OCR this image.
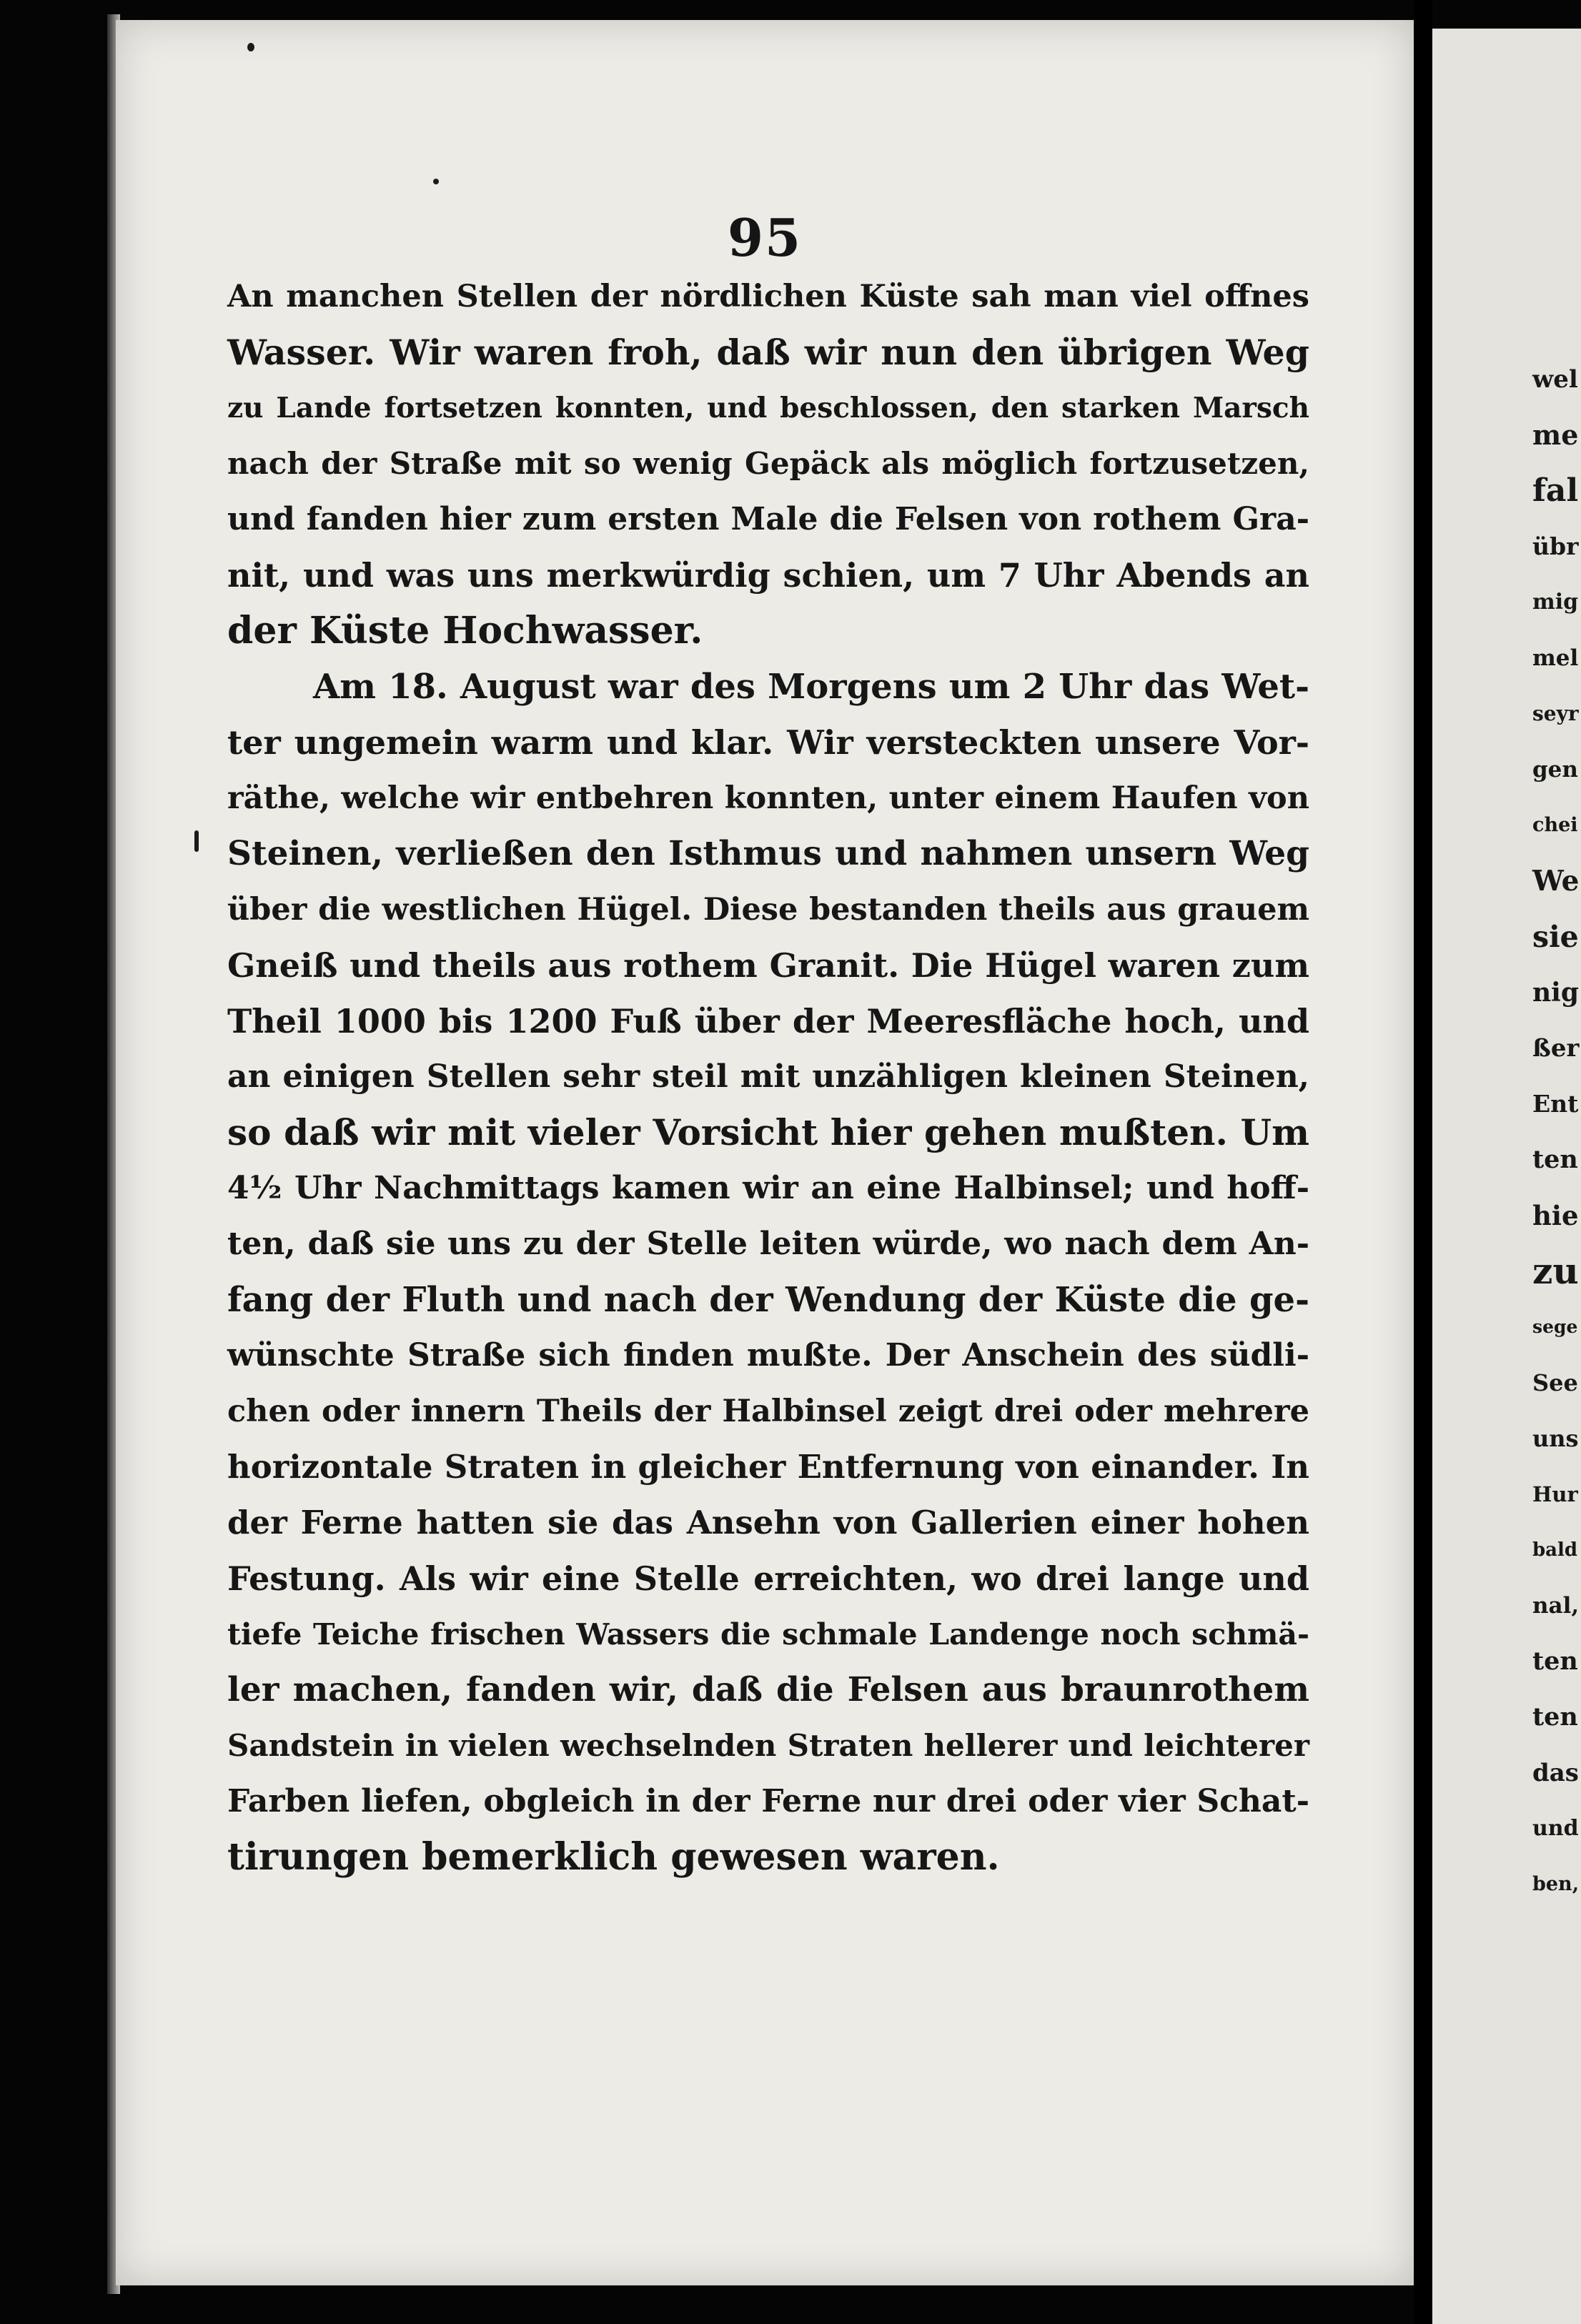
95
An manchen Stellen der nördlichen Küste sah man viel offnes
Wasser. Wir waren froh, daß wir nun den übrigen Weg
zu Lande fortsetzen konnten, und beschlossen, den starken Marsch
nach der Straße mit so wenig Gepäck als möglich fortzusetzen,
und fanden hier zum ersten Male die Felsen von rothem Gra-
nit, und was uns merkwürdig schien, um 7 Uhr Abends an
der Küste Hochwasser.
Am 18. August war des Morgens um 2 Uhr das Wet-
ter ungemein warm und klar. Wir versteckten unsere Vor-
räthe, welche wir entbehren konnten, unter einem Haufen von
Steinen, verließen den Isthmus und nahmen unsern Weg
über die westlichen Hügel. Diese bestanden theils aus grauem
Gneiß und theils aus rothem Granit. Die Hügel waren zum
Theil 1000 bis 1200 Fuß über der Meeresfläche hoch, und
an einigen Stellen sehr steil mit unzähligen kleinen Steinen,
so daß wir mit vieler Vorsicht hier gehen mußten. Um
4½ Uhr Nachmittags kamen wir an eine Halbinsel; und hoff-
ten, daß sie uns zu der Stelle leiten würde, wo nach dem An-
fang der Fluth und nach der Wendung der Küste die ge-
wünschte Straße sich finden mußte. Der Anschein des südli-
chen oder innern Theils der Halbinsel zeigt drei oder mehrere
horizontale Straten in gleicher Entfernung von einander. In
der Ferne hatten sie das Ansehn von Gallerien einer hohen
Festung. Als wir eine Stelle erreichten, wo drei lange und
tiefe Teiche frischen Wassers die schmale Landenge noch schmä-
ler machen, fanden wir, daß die Felsen aus braunrothem
Sandstein in vielen wechselnden Straten hellerer und leichterer
Farben liefen, obgleich in der Ferne nur drei oder vier Schat-
tirungen bemerklich gewesen waren.
wel
me
fal
übr
mig
mel
seyr
gen
chei
We
sie
nig
ßer
Ent
ten
hie
zu
sege
See
uns
Hur
bald
nal,
ten
ten
das
und
ben,
